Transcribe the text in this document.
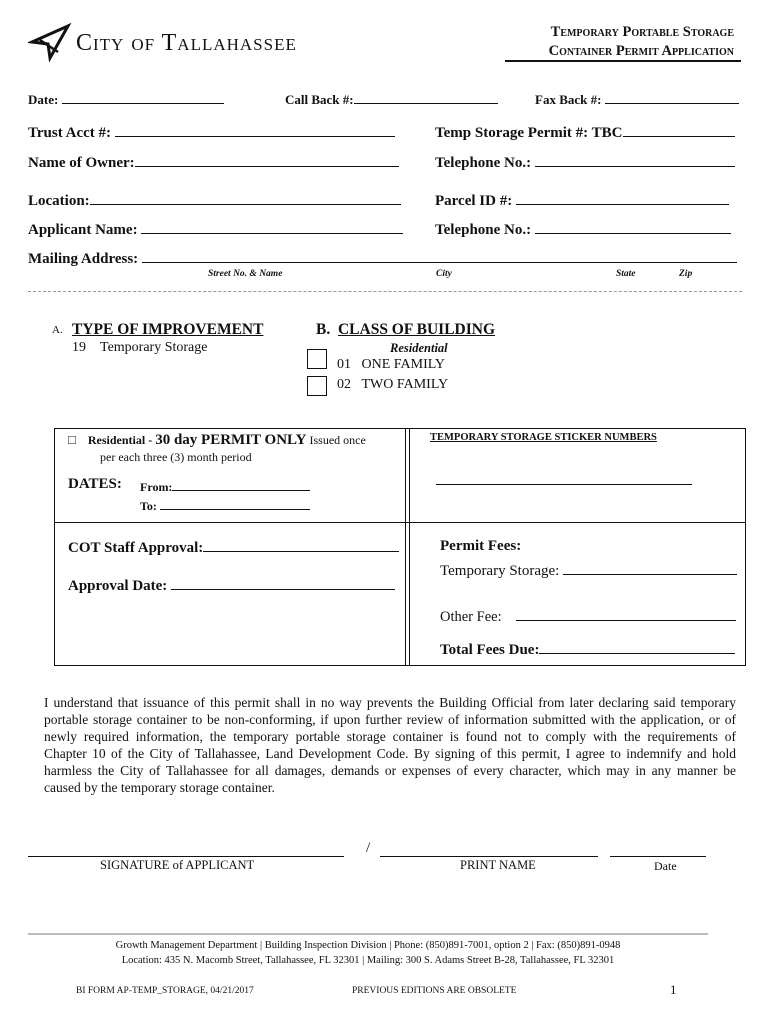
City of Tallahassee	Temporary Portable Storage
Container Permit Application
Date:	Call Back #:	Fax Back #:
Trust Acct #:	Temp Storage Permit #: TBC
Name of Owner:	Telephone No.:
Location:	Parcel ID #:
Applicant Name:	Telephone No.:
Mailing Address:
Street No. & Name	City	State	Zip
A. TYPE OF IMPROVEMENT
19 Temporary Storage
B. CLASS OF BUILDING
Residential
01 ONE FAMILY
02 TWO FAMILY
□ Residential - 30 day PERMIT ONLY Issued once
per each three (3) month period
DATES: From:
To:
TEMPORARY STORAGE STICKER NUMBERS
COT Staff Approval:
Approval Date:
Permit Fees:
Temporary Storage:
Other Fee:
Total Fees Due:
I understand that issuance of this permit shall in no way prevents the Building Official from later declaring said temporary
portable storage container to be non-conforming, if upon further review of information submitted with the application, or of
newly required information, the temporary portable storage container is found not to comply with the requirements of
Chapter 10 of the City of Tallahassee, Land Development Code. By signing of this permit, I agree to indemnify and hold
harmless the City of Tallahassee for all damages, demands or expenses of every character, which may in any manner be
caused by the temporary storage container.
/
SIGNATURE of APPLICANT	PRINT NAME	Date
Growth Management Department | Building Inspection Division | Phone: (850)891-7001, option 2 | Fax: (850)891-0948
Location: 435 N. Macomb Street, Tallahassee, FL 32301 | Mailing: 300 S. Adams Street B-28, Tallahassee, FL 32301
BI FORM AP-TEMP_STORAGE, 04/21/2017	PREVIOUS EDITIONS ARE OBSOLETE	1
